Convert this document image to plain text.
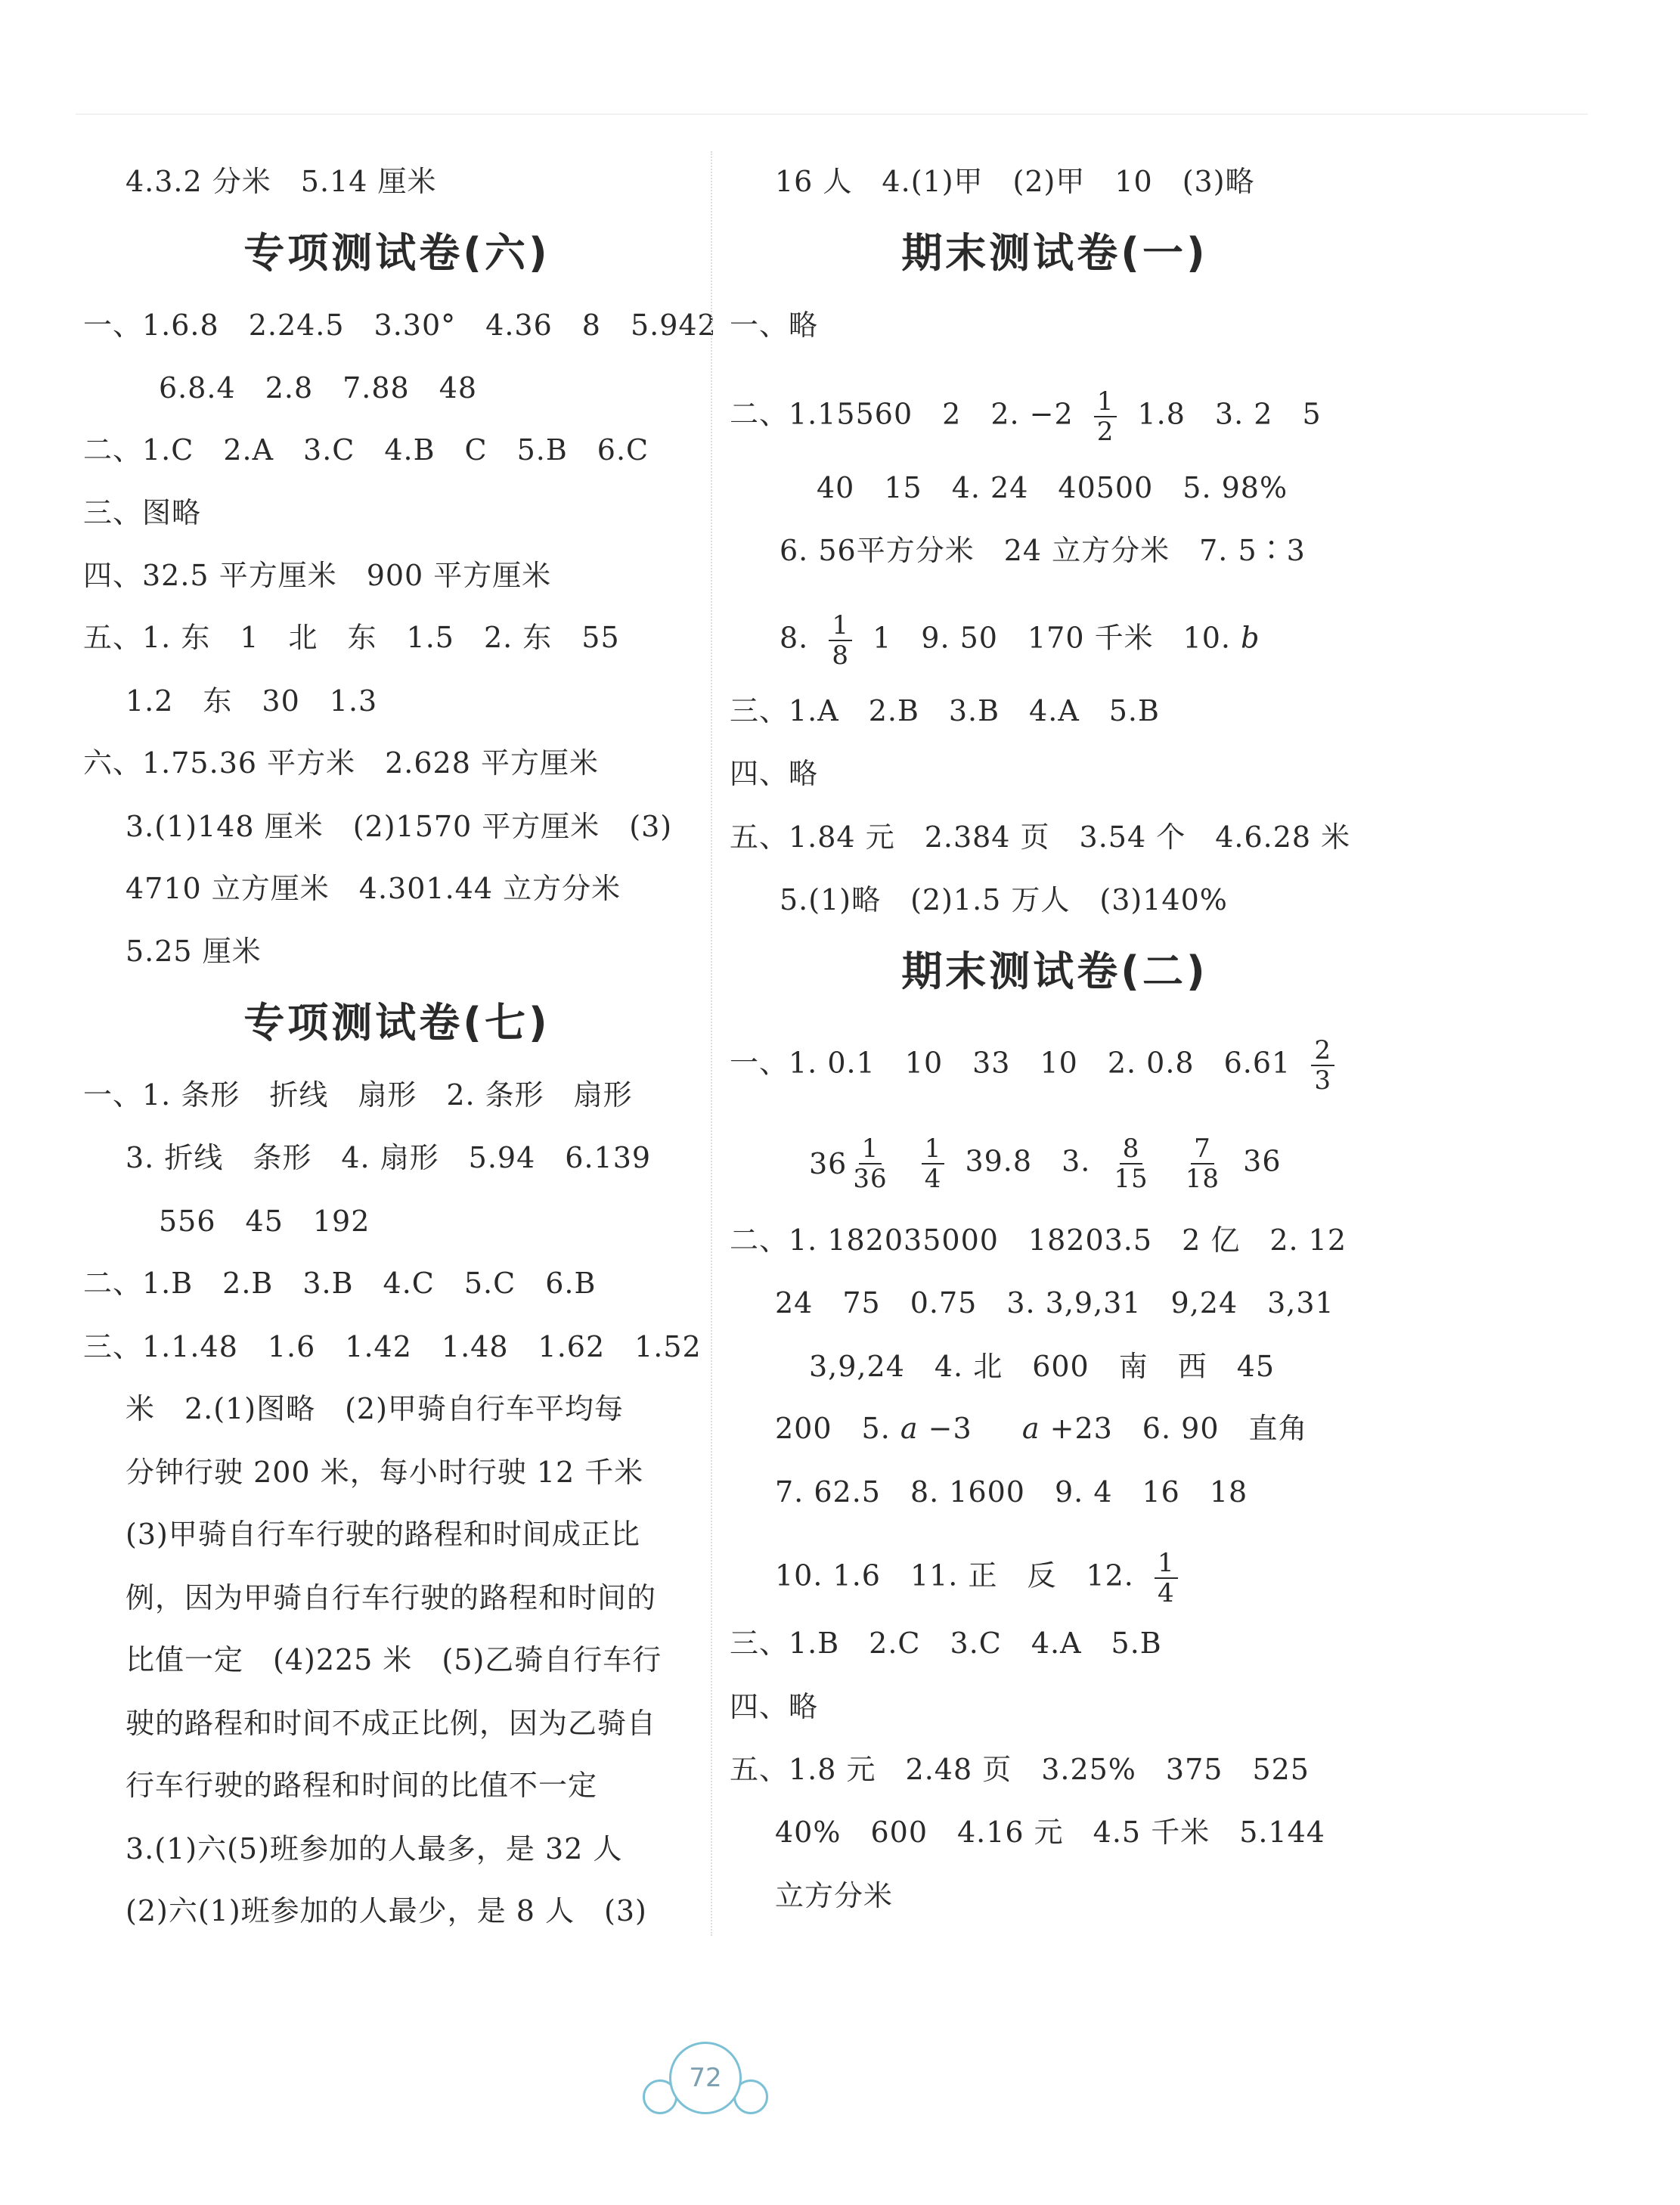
4.3.2 分米　5.14 厘米
专项测试卷(六)
一、1.6.8　2.24.5　3.30°　4.36　8　5.942
6.8.4　2.8　7.88　48
二、1.C　2.A　3.C　4.B　C　5.B　6.C
三、图略
四、32.5 平方厘米　900 平方厘米
五、1. 东　1　北　东　1.5　2. 东　55
1.2　东　30　1.3
六、1.75.36 平方米　2.628 平方厘米
3.(1)148 厘米　(2)1570 平方厘米　(3)
4710 立方厘米　4.301.44 立方分米
5.25 厘米
专项测试卷(七)
一、1. 条形　折线　扇形　2. 条形　扇形
3. 折线　条形　4. 扇形　5.94　6.139
556　45　192
二、1.B　2.B　3.B　4.C　5.C　6.B
三、1.1.48　1.6　1.42　1.48　1.62　1.52
米　2.(1)图略　(2)甲骑自行车平均每
分钟行驶 200 米，每小时行驶 12 千米
(3)甲骑自行车行驶的路程和时间成正比
例，因为甲骑自行车行驶的路程和时间的
比值一定　(4)225 米　(5)乙骑自行车行
驶的路程和时间不成正比例，因为乙骑自
行车行驶的路程和时间的比值不一定
3.(1)六(5)班参加的人最多，是 32 人
(2)六(1)班参加的人最少，是 8 人　(3)
16 人　4.(1)甲　(2)甲　10　(3)略
期末测试卷(一)
一、略
二、1.15560　2　2. $-2 \frac{1}{2} 1.8$　3. 2　5
40　15　4. 24　40500　5. 98%
6. 56平方分米　24 立方分米　7. 5∶3
8. $\frac{1}{8} 1$　9. 50　170 千米　10. b
三、1.A　2.B　3.B　4.A　5.B
四、略
五、1.84 元　2.384 页　3.54 个　4.6.28 米
5.(1)略　(2)1.5 万人　(3)140%
期末测试卷(二)
一、1. 0.1　10　33　10　2. 0.8　$6.61 \frac{2}{3}$
$36 \frac{1}{36}$
$\frac{1}{4} 39.8$　3. $\frac{8}{15}$
$\frac{7}{18} 36$
二、1. 182035000　18203.5　2 亿　2. 12
24　75　0.75　3. 3,9,31　9,24　3,31
3,9,24　4. 北　600　南　西　45
200　5. a −3 a +23　6. 90　直角
7. 62.5　8. 1600　9. 4　16　18
10. 1.6　11. 正　反　12. $\frac{1}{4}$
三、1.B　2.C　3.C　4.A　5.B
四、略
五、1.8 元　2.48 页　3.25%　375　525
40%　600　4.16 元　4.5 千米　5.144
立方分米
72
